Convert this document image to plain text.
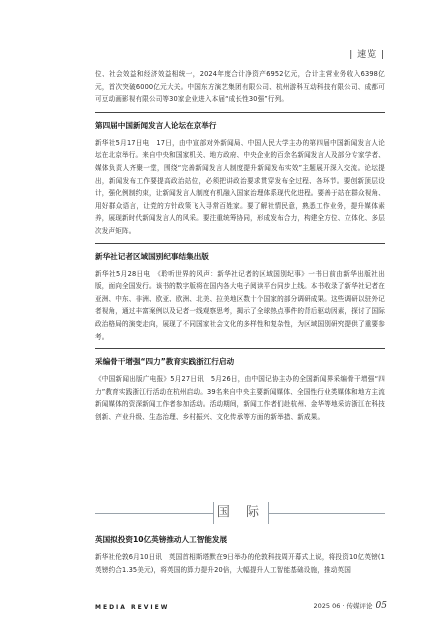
| 速览 |

位、社会效益和经济效益相统一，2024年度合计净资产6952亿元，合计主营业务收入6398亿元，首次突破6000亿元大关。中国东方演艺集团有限公司、杭州游科互动科技有限公司、成都可可豆动画影视有限公司等30家企业进入本届“成长性30强”行列。

第四届中国新闻发言人论坛在京举行

新华社5月17日电　17日，由中宣部对外新闻局、中国人民大学主办的第四届中国新闻发言人论坛在北京举行。来自中央和国家机关、地方政府、中央企业的百余名新闻发言人及部分专家学者、媒体负责人齐聚一堂，围绕“完善新闻发言人制度提升新闻发布实效”主题展开深入交流。论坛提出，新闻发布工作要提高政治站位，必须把讲政治要求贯穿发布全过程、各环节。要创新顶层设计，强化例制约束，让新闻发言人制度有机融入国家治理体系现代化进程。要善于站在群众视角、用好群众语言，让党的方针政策飞入寻常百姓家。要了解社情民意，熟悉工作业务，提升媒体素养，展现新时代新闻发言人的风采。要注重统筹协同，形成发布合力，构建全方位、立体化、多层次发声矩阵。

新华社记者区域国别纪事结集出版

新华社5月28日电　《聆听世界的风声：新华社记者的区域国别纪事》一书日前由新华出版社出版，面向全国发行。该书的数字版将在国内各大电子阅读平台同步上线。本书收录了新华社记者在亚洲、中东、非洲、欧亚、欧洲、北美、拉美地区数十个国家的部分调研成果。这些调研以驻外记者视角，通过丰富案例以及记者一线观察思考，揭示了全球热点事件的背后驱动因素，探讨了国际政治格局的演变走向，展现了不同国家社会文化的多样性和复杂性，为区域国别研究提供了重要参考。

采编骨干增强“四力”教育实践浙江行启动

《中国新闻出版广电报》5月27日讯　5月26日，由中国记协主办的全国新闻界采编骨干增强“四力”教育实践浙江行活动在杭州启动。39名来自中央主要新闻媒体、全国性行业类媒体和地方主流新闻媒体的资深新闻工作者参加活动。活动期间，新闻工作者们赴杭州、金华等地采访浙江在科技创新、产业升级、生态治理、乡村振兴、文化传承等方面的新举措、新成果。

国 际
英国拟投资10亿英镑推动人工智能发展

新华社伦敦6月10日讯　英国首相斯塔默在9日举办的伦敦科技周开幕式上说，将投资10亿英镑(1英镑约合1.35美元)，将英国的算力提升20倍，大幅提升人工智能基础设施，推动英国

MEDIA REVIEW	2025 06 · 传媒评论 05
